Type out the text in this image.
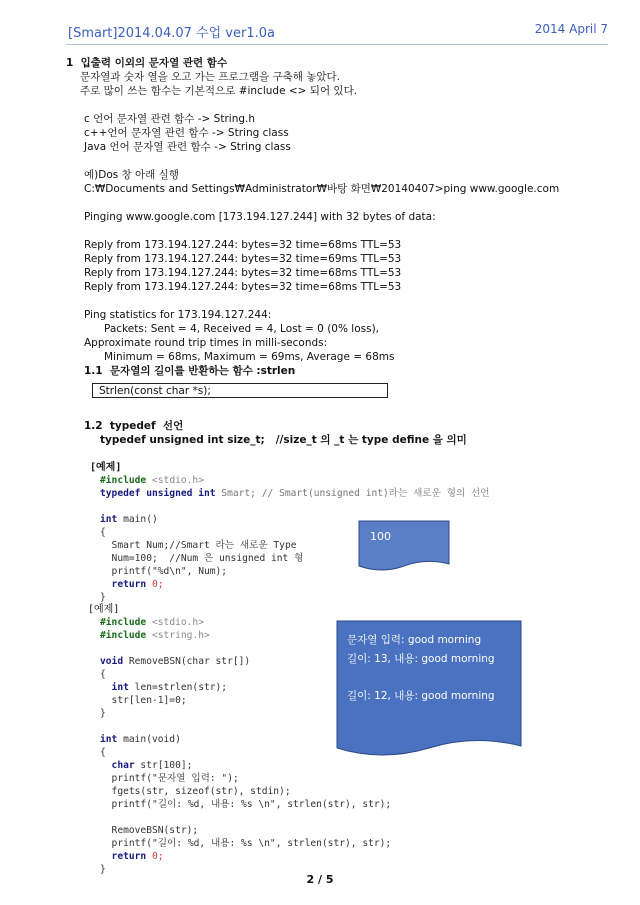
[Smart]2014.04.07 수업 ver1.0a	2014 April 7
1  입출력 이외의 문자열 관련 함수
문자열과 숫자 열을 오고 가는 프로그램을 구축해 놓았다.
주로 많이 쓰는 함수는 기본적으로 #include <> 되어 있다.
c 언어 문자열 관련 함수 -> String.h
c++언어 문자열 관련 함수 -> String class
Java 언어 문자열 관련 함수 -> String class
예)Dos 창 아래 실행
C:₩Documents and Settings₩Administrator₩바탕 화면₩20140407>ping www.google.com
Pinging www.google.com [173.194.127.244] with 32 bytes of data:
Reply from 173.194.127.244: bytes=32 time=68ms TTL=53
Reply from 173.194.127.244: bytes=32 time=69ms TTL=53
Reply from 173.194.127.244: bytes=32 time=68ms TTL=53
Reply from 173.194.127.244: bytes=32 time=68ms TTL=53
Ping statistics for 173.194.127.244:
Packets: Sent = 4, Received = 4, Lost = 0 (0% loss),
Approximate round trip times in milli-seconds:
Minimum = 68ms, Maximum = 69ms, Average = 68ms
1.1  문자열의 길이를 반환하는 함수 :strlen
Strlen(const char *s);
1.2  typedef  선언
typedef unsigned int size_t;   //size_t 의 _t 는 type define 을 의미
[예제]
#include <stdio.h>
typedef unsigned int Smart; // Smart(unsigned int)라는 새로운 형의 선언
int main()
{
Smart Num;//Smart 라는 새로운 Type
Num=100;  //Num 은 unsigned int 형
printf("%d\n", Num);
return 0;
}
[예제]
#include <stdio.h>
#include <string.h>
void RemoveBSN(char str[])
{
int len=strlen(str);
str[len-1]=0;
}
int main(void)
{
char str[100];
printf("문자열 입력: ");
fgets(str, sizeof(str), stdin);
printf("길이: %d, 내용: %s \n", strlen(str), str);
RemoveBSN(str);
printf("길이: %d, 내용: %s \n", strlen(str), str);
return 0;
}
100
문자열 입력: good morning
길이: 13, 내용: good morning
길이: 12, 내용: good morning
2 / 5
